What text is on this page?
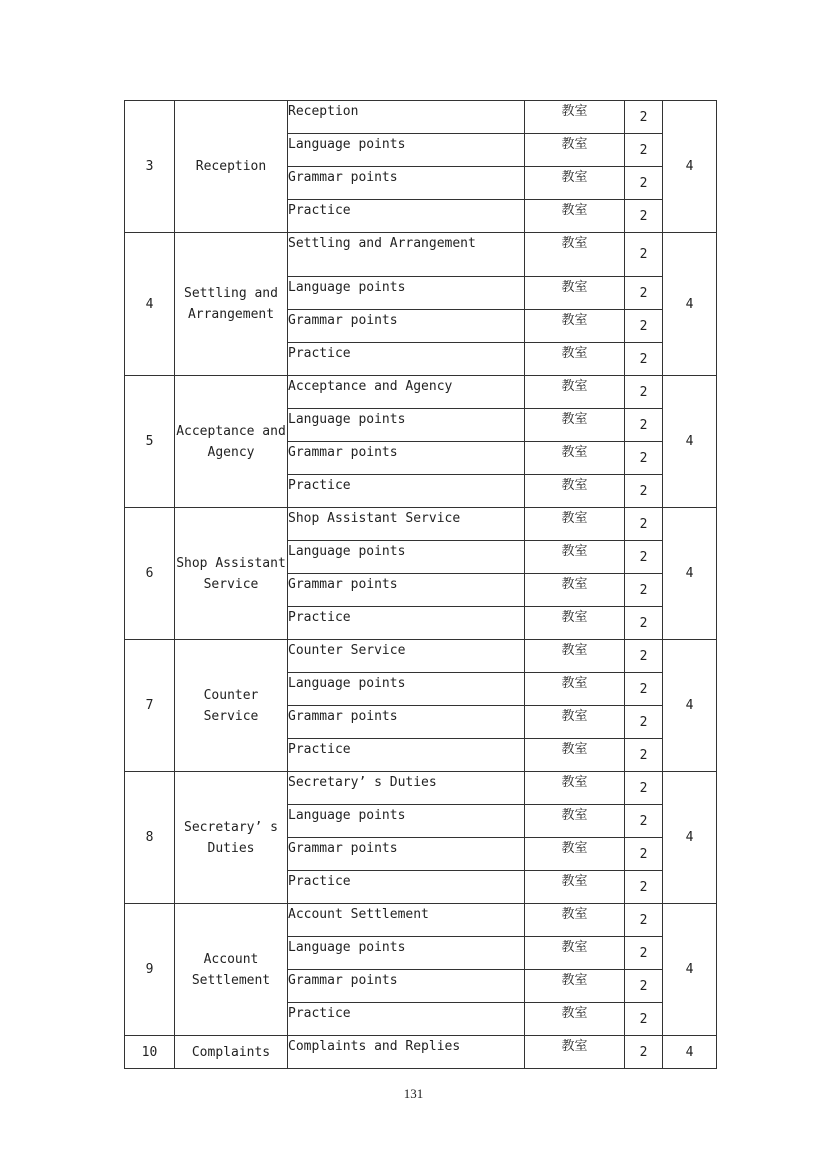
3	Reception	Reception	教室	2	4
		Language points	教室	2	
		Grammar points	教室	2	
		Practice	教室	2	
4	Settling and Arrangement	Settling and Arrangement	教室	2	4
		Language points	教室	2	
		Grammar points	教室	2	
		Practice	教室	2	
5	Acceptance and Agency	Acceptance and Agency	教室	2	4
		Language points	教室	2	
		Grammar points	教室	2	
		Practice	教室	2	
6	Shop Assistant Service	Shop Assistant Service	教室	2	4
		Language points	教室	2	
		Grammar points	教室	2	
		Practice	教室	2	
7	Counter Service	Counter Service	教室	2	4
		Language points	教室	2	
		Grammar points	教室	2	
		Practice	教室	2	
8	Secretary’ s Duties	Secretary’ s Duties	教室	2	4
		Language points	教室	2	
		Grammar points	教室	2	
		Practice	教室	2	
9	Account Settlement	Account Settlement	教室	2	4
		Language points	教室	2	
		Grammar points	教室	2	
		Practice	教室	2	
10	Complaints	Complaints and Replies	教室	2	4
131
